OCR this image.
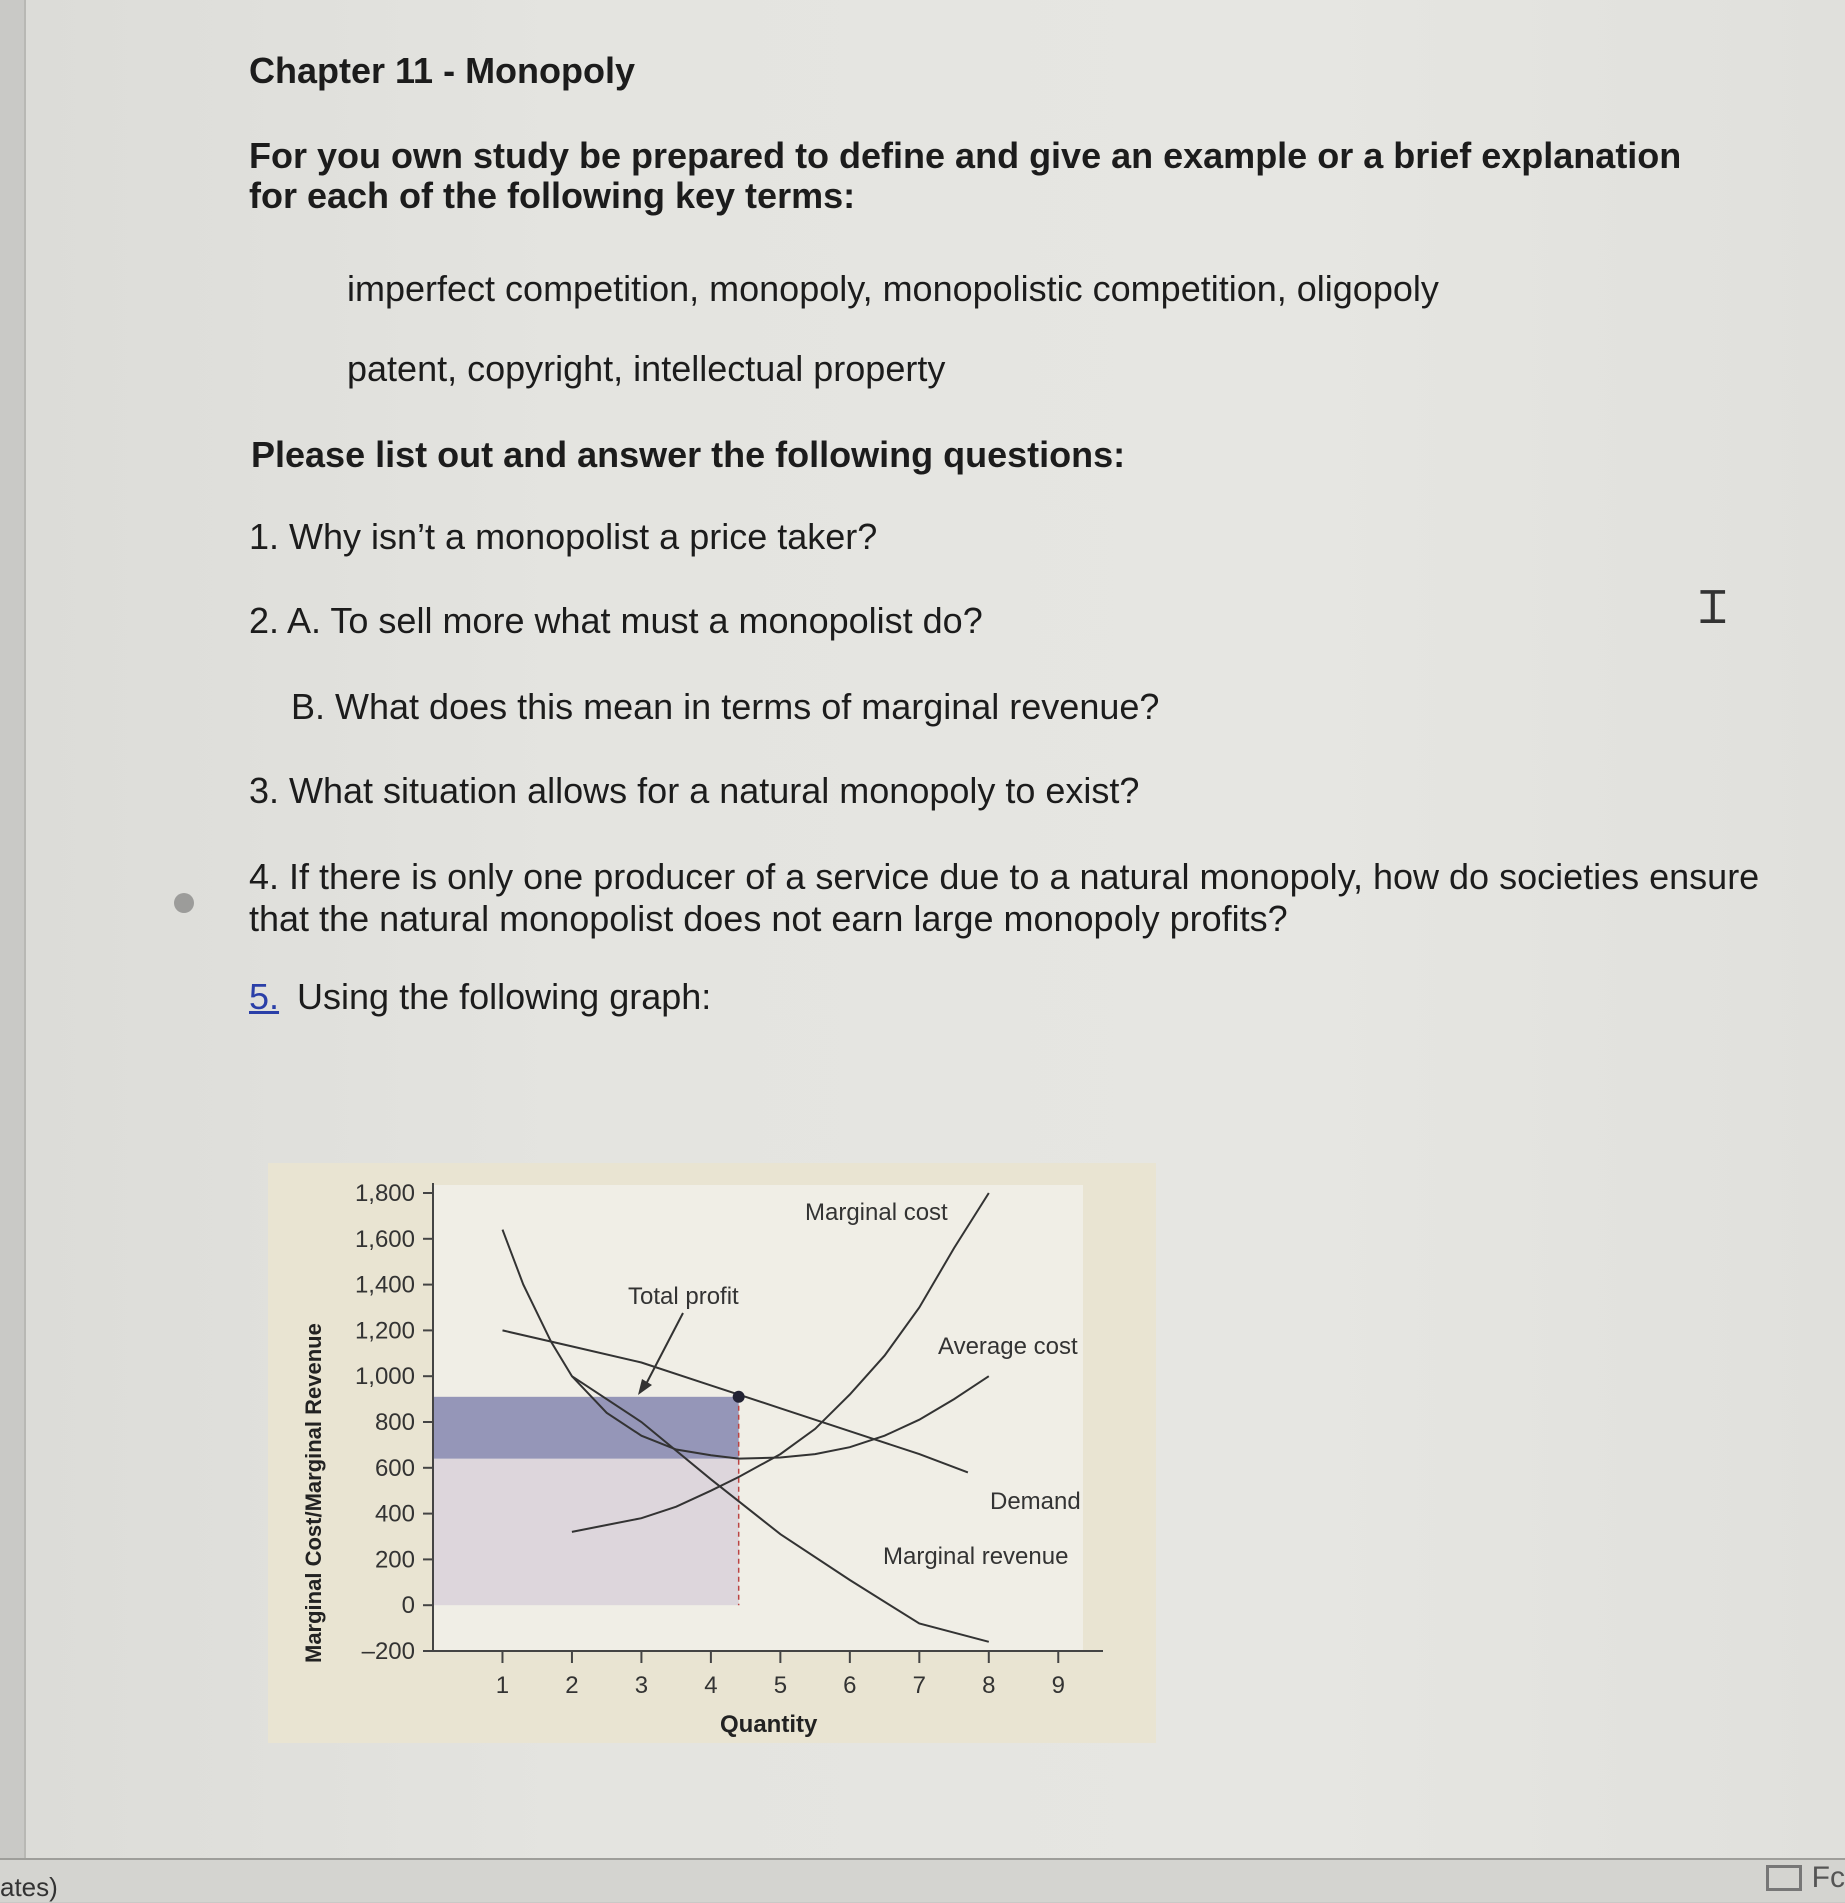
Ɪ

Chapter 11 - Monopoly

For you own study be prepared to define and give an example or a brief explanation for each of the following key terms:

imperfect competition, monopoly, monopolistic competition, oligopoly

patent, copyright, intellectual property

Please list out and answer the following questions:

1. Why isn’t a monopolist a price taker?

2. A. To sell more what must a monopolist do?

B. What does this mean in terms of marginal revenue?

3. What situation allows for a natural monopoly to exist?

4. If there is only one producer of a service due to a natural monopoly, how do societies ensure that the natural monopolist does not earn large monopoly profits?

5. Using the following graph:

1,800
1,600
1,400
1,200
1,000
800
600
400
200
0
–200
1 2 3 4 5 6 7 8 9
Marginal Cost/Marginal Revenue
Quantity
Marginal cost
Average cost
Demand
Marginal revenue
Total profit
ates)	Fc
